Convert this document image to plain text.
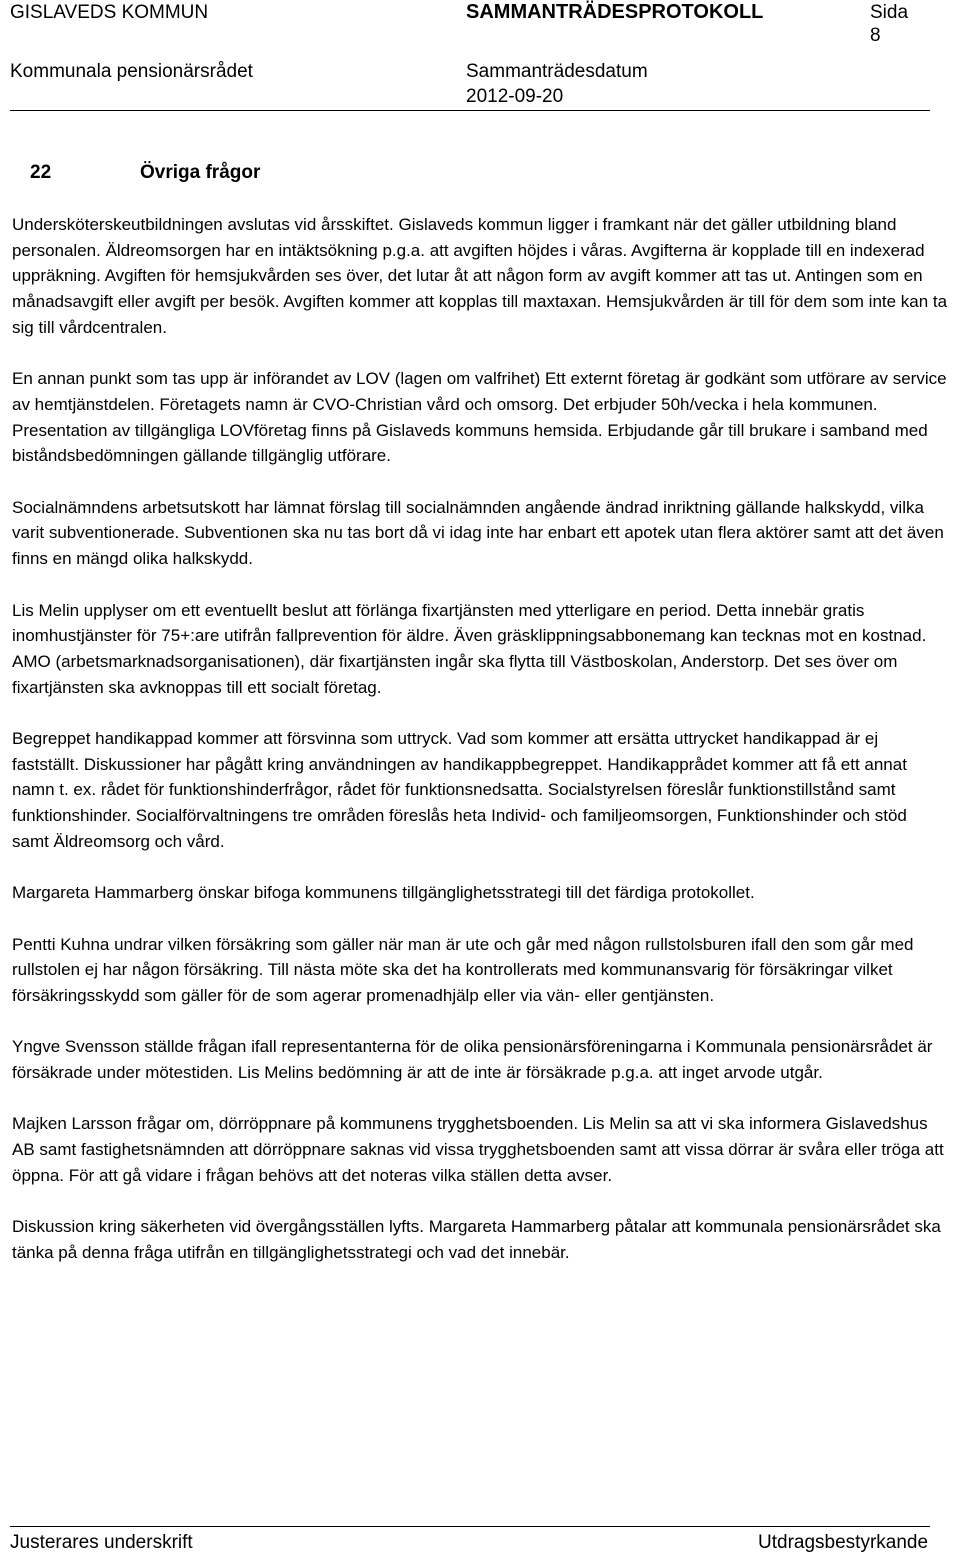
GISLAVEDS KOMMUN	SAMMANTRÄDESPROTOKOLL	Sida
8
Kommunala pensionärsrådet	Sammanträdesdatum
2012-09-20
22	Övriga frågor

Undersköterskeutbildningen avslutas vid årsskiftet. Gislaveds kommun ligger i framkant när det gäller utbildning bland personalen. Äldreomsorgen har en intäktsökning p.g.a. att avgiften höjdes i våras. Avgifterna är kopplade till en indexerad uppräkning. Avgiften för hemsjukvården ses över, det lutar åt att någon form av avgift kommer att tas ut. Antingen som en månadsavgift eller avgift per besök. Avgiften kommer att kopplas till maxtaxan. Hemsjukvården är till för dem som inte kan ta sig till vårdcentralen.

En annan punkt som tas upp är införandet av LOV (lagen om valfrihet) Ett externt företag är godkänt som utförare av service av hemtjänstdelen. Företagets namn är CVO-Christian vård och omsorg. Det erbjuder 50h/vecka i hela kommunen. Presentation av tillgängliga LOVföretag finns på Gislaveds kommuns hemsida. Erbjudande går till brukare i samband med biståndsbedömningen gällande tillgänglig utförare.

Socialnämndens arbetsutskott har lämnat förslag till socialnämnden angående ändrad inriktning gällande halkskydd, vilka varit subventionerade. Subventionen ska nu tas bort då vi idag inte har enbart ett apotek utan flera aktörer samt att det även finns en mängd olika halkskydd.

Lis Melin upplyser om ett eventuellt beslut att förlänga fixartjänsten med ytterligare en period. Detta innebär gratis inomhustjänster för 75+:are utifrån fallprevention för äldre. Även gräsklippningsabbonemang kan tecknas mot en kostnad. AMO (arbetsmarknadsorganisationen), där fixartjänsten ingår ska flytta till Västboskolan, Anderstorp. Det ses över om fixartjänsten ska avknoppas till ett socialt företag.

Begreppet handikappad kommer att försvinna som uttryck. Vad som kommer att ersätta uttrycket handikappad är ej fastställt. Diskussioner har pågått kring användningen av handikappbegreppet. Handikapprådet kommer att få ett annat namn t. ex. rådet för funktionshinderfrågor, rådet för funktionsnedsatta. Socialstyrelsen föreslår funktionstillstånd samt funktionshinder. Socialförvaltningens tre områden föreslås heta Individ- och familjeomsorgen, Funktionshinder och stöd samt Äldreomsorg och vård.

Margareta Hammarberg önskar bifoga kommunens tillgänglighetsstrategi till det färdiga protokollet.

Pentti Kuhna undrar vilken försäkring som gäller när man är ute och går med någon rullstolsburen ifall den som går med rullstolen ej har någon försäkring. Till nästa möte ska det ha kontrollerats med kommunansvarig för försäkringar vilket försäkringsskydd som gäller för de som agerar promenadhjälp eller via vän- eller gentjänsten.

Yngve Svensson ställde frågan ifall representanterna för de olika pensionärsföreningarna i Kommunala pensionärsrådet är försäkrade under mötestiden. Lis Melins bedömning är att de inte är försäkrade p.g.a. att inget arvode utgår.

Majken Larsson frågar om, dörröppnare på kommunens trygghetsboenden. Lis Melin sa att vi ska informera Gislavedshus AB samt fastighetsnämnden att dörröppnare saknas vid vissa trygghetsboenden samt att vissa dörrar är svåra eller tröga att öppna. För att gå vidare i frågan behövs att det noteras vilka ställen detta avser.

Diskussion kring säkerheten vid övergångsställen lyfts. Margareta Hammarberg påtalar att kommunala pensionärsrådet ska tänka på denna fråga utifrån en tillgänglighetsstrategi och vad det innebär.

Justerares underskrift	Utdragsbestyrkande
